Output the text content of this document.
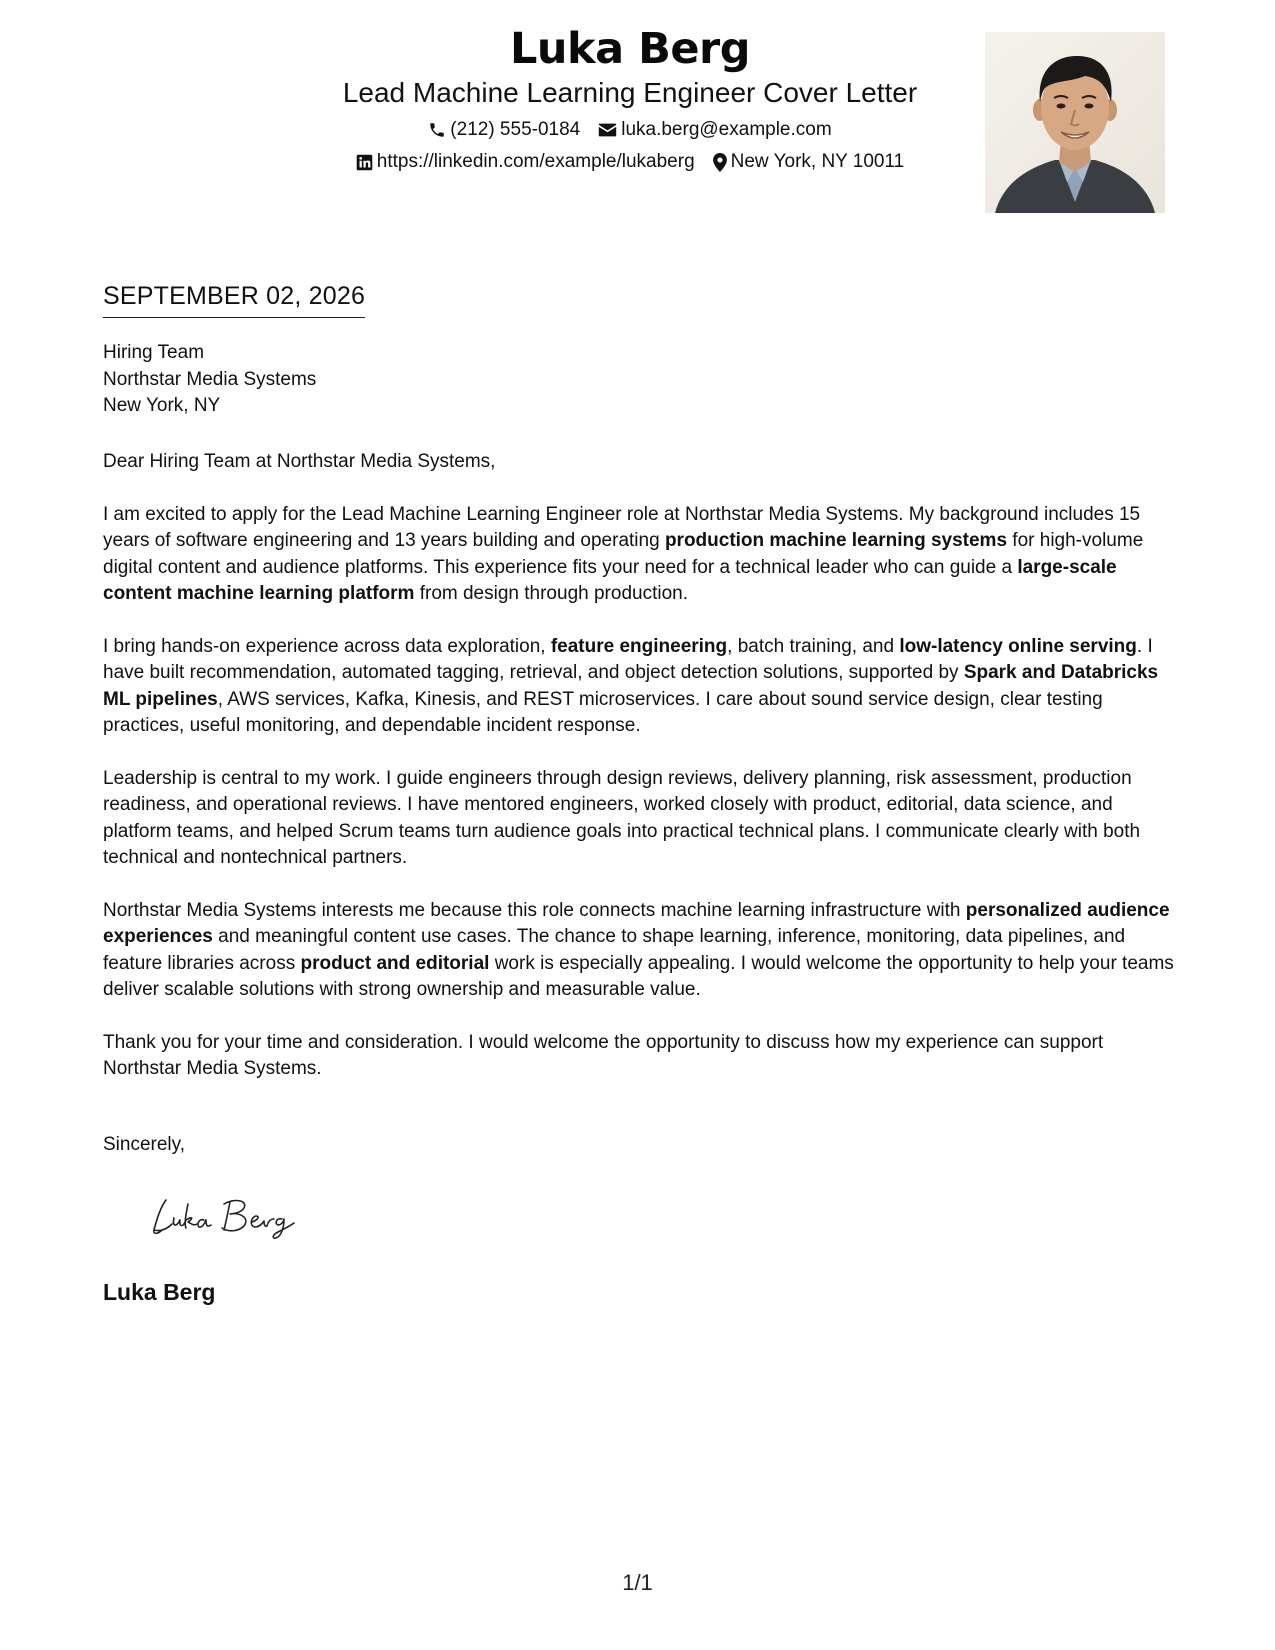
Luka Berg
Lead Machine Learning Engineer Cover Letter
(212) 555-0184 luka.berg@example.com
https://linkedin.com/example/lukaberg New York, NY 10011
SEPTEMBER 02, 2026
Hiring Team
Northstar Media Systems
New York, NY

Dear Hiring Team at Northstar Media Systems,

I am excited to apply for the Lead Machine Learning Engineer role at Northstar Media Systems. My background includes 15 years of software engineering and 13 years building and operating production machine learning systems for high-volume digital content and audience platforms. This experience fits your need for a technical leader who can guide a large-scale content machine learning platform from design through production.

I bring hands-on experience across data exploration, feature engineering, batch training, and low-latency online serving. I have built recommendation, automated tagging, retrieval, and object detection solutions, supported by Spark and Databricks ML pipelines, AWS services, Kafka, Kinesis, and REST microservices. I care about sound service design, clear testing practices, useful monitoring, and dependable incident response.

Leadership is central to my work. I guide engineers through design reviews, delivery planning, risk assessment, production readiness, and operational reviews. I have mentored engineers, worked closely with product, editorial, data science, and platform teams, and helped Scrum teams turn audience goals into practical technical plans. I communicate clearly with both technical and nontechnical partners.

Northstar Media Systems interests me because this role connects machine learning infrastructure with personalized audience experiences and meaningful content use cases. The chance to shape learning, inference, monitoring, data pipelines, and feature libraries across product and editorial work is especially appealing. I would welcome the opportunity to help your teams deliver scalable solutions with strong ownership and measurable value.

Thank you for your time and consideration. I would welcome the opportunity to discuss how my experience can support Northstar Media Systems.

Sincerely,
Luka Berg
1/1
